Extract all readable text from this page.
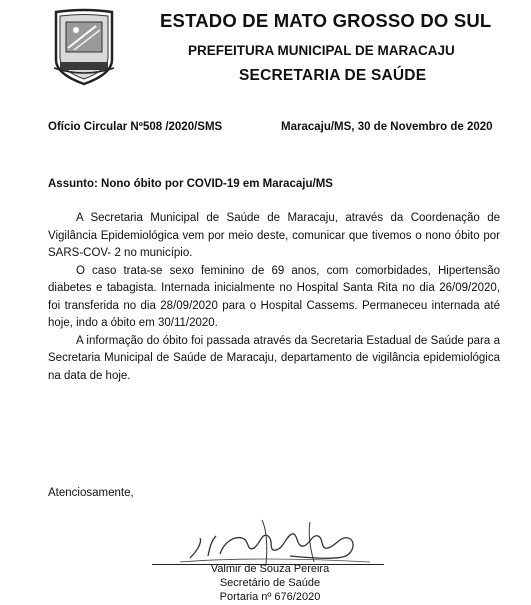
ESTADO DE MATO GROSSO DO SUL
PREFEITURA MUNICIPAL DE MARACAJU
SECRETARIA DE SAÚDE
Ofício Circular Nº508 /2020/SMS	Maracaju/MS, 30 de Novembro de 2020
Assunto: Nono óbito por COVID-19 em Maracaju/MS

A Secretaria Municipal de Saúde de Maracaju, através da Coordenação de Vigilância Epidemiológica vem por meio deste, comunicar que tivemos o nono óbito por SARS-COV- 2 no município.

O caso trata-se sexo feminino de 69 anos, com comorbidades, Hipertensão diabetes e tabagista. Internada inicialmente no Hospital Santa Rita no dia 26/09/2020, foi transferida no dia 28/09/2020 para o Hospital Cassems. Permaneceu internada até hoje, indo a óbito em 30/11/2020.

A informação do óbito foi passada através da Secretaria Estadual de Saúde para a Secretaria Municipal de Saúde de Maracaju, departamento de vigilância epidemiológica na data de hoje.

Atenciosamente,
Valmir de Souza Pereira
Secretário de Saúde
Portaria nº 676/2020
